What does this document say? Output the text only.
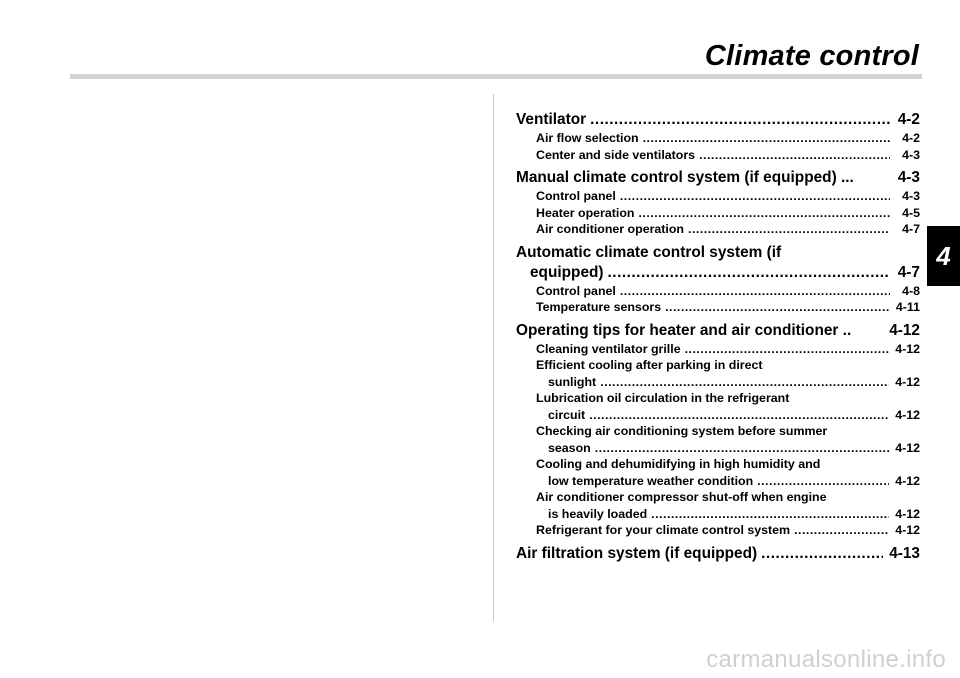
Climate control
4
Ventilator .....	4-2
Air flow selection .....	4-2
Center and side ventilators .....	4-3
Manual climate control system (if equipped) ...	4-3
Control panel .....	4-3
Heater operation .....	4-5
Air conditioner operation .....	4-7
Automatic climate control system (if
equipped) .....	4-7
Control panel .....	4-8
Temperature sensors .....	4-11
Operating tips for heater and air conditioner .. 4-12
Cleaning ventilator grille .....	4-12
Efficient cooling after parking in direct
sunlight .....	4-12
Lubrication oil circulation in the refrigerant
circuit .....	4-12
Checking air conditioning system before summer
season .....	4-12
Cooling and dehumidifying in high humidity and
low temperature weather condition .....	4-12
Air conditioner compressor shut-off when engine
is heavily loaded .....	4-12
Refrigerant for your climate control system .....	4-12
Air filtration system (if equipped) .....	4-13
carmanualsonline.info
